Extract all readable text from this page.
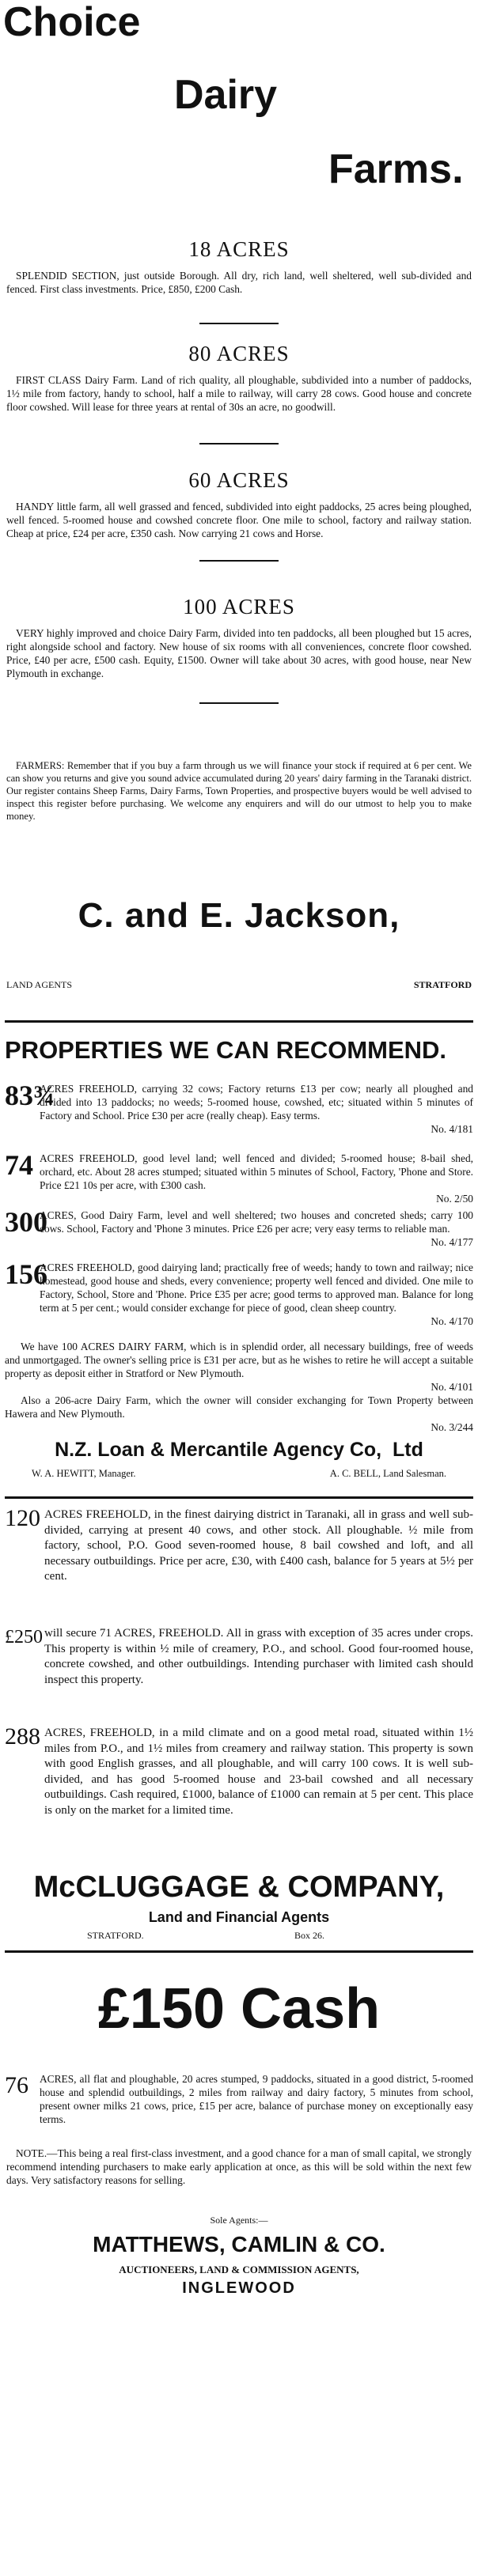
Choice
Dairy
Farms.
18 ACRES
SPLENDID SECTION, just outside Borough. All dry, rich land, well sheltered, well sub-divided and fenced. First class investments. Price, £850, £200 Cash.
80 ACRES
FIRST CLASS Dairy Farm. Land of rich quality, all ploughable, subdivided into a number of paddocks, 1½ mile from factory, handy to school, half a mile to railway, will carry 28 cows. Good house and concrete floor cowshed. Will lease for three years at rental of 30s an acre, no goodwill.
60 ACRES
HANDY little farm, all well grassed and fenced, subdivided into eight paddocks, 25 acres being ploughed, well fenced. 5-roomed house and cowshed concrete floor. One mile to school, factory and railway station. Cheap at price, £24 per acre, £350 cash. Now carrying 21 cows and Horse.
100 ACRES
VERY highly improved and choice Dairy Farm, divided into ten paddocks, all been ploughed but 15 acres, right alongside school and factory. New house of six rooms with all conveniences, concrete floor cowshed. Price, £40 per acre, £500 cash. Equity, £1500. Owner will take about 30 acres, with good house, near New Plymouth in exchange.
FARMERS: Remember that if you buy a farm through us we will finance your stock if required at 6 per cent. We can show you returns and give you sound advice accumulated during 20 years' dairy farming in the Taranaki district. Our register contains Sheep Farms, Dairy Farms, Town Properties, and prospective buyers would be well advised to inspect this register before purchasing. We welcome any enquirers and will do our utmost to help you to make money.
C. and E. Jackson,
LAND AGENTS	STRATFORD
PROPERTIES WE CAN RECOMMEND.
83¾
ACRES FREEHOLD, carrying 32 cows; Factory returns £13 per cow; nearly all ploughed and divided into 13 paddocks; no weeds; 5-roomed house, cowshed, etc; situated within 5 minutes of Factory and School. Price £30 per acre (really cheap). Easy terms.
No. 4/181
74 ACRES FREEHOLD, good level land; well fenced and divided; 5-roomed house; 8-bail shed, orchard, etc. About 28 acres stumped; situated within 5 minutes of School, Factory, 'Phone and Store. Price £21 10s per acre, with £300 cash.
No. 2/50
300
ACRES, Good Dairy Farm, level and well sheltered; two houses and concreted sheds; carry 100 cows. School, Factory and 'Phone 3 minutes. Price £26 per acre; very easy terms to reliable man.
No. 4/177
156
ACRES FREEHOLD, good dairying land; practically free of weeds; handy to town and railway; nice homestead, good house and sheds, every convenience; property well fenced and divided. One mile to Factory, School, Store and 'Phone. Price £35 per acre; good terms to approved man. Balance for long term at 5 per cent.; would consider exchange for piece of good, clean sheep country.
No. 4/170
We have 100 ACRES DAIRY FARM, which is in splendid order, all necessary buildings, free of weeds and unmortgaged. The owner's selling price is £31 per acre, but as he wishes to retire he will accept a suitable property as deposit either in Stratford or New Plymouth.
No. 4/101
Also a 206-acre Dairy Farm, which the owner will consider exchanging for Town Property between Hawera and New Plymouth.
No. 3/244
N.Z. Loan & Mercantile Agency Co,  Ltd
W. A. HEWITT, Manager.	A. C. BELL, Land Salesman.
120 ACRES FREEHOLD, in the finest dairying district in Taranaki, all in grass and well sub-divided, carrying at present 40 cows, and other stock. All ploughable. ½ mile from factory, school, P.O. Good seven-roomed house, 8 bail cowshed and loft, and all necessary outbuildings. Price per acre, £30, with £400 cash, balance for 5 years at 5½ per cent.
£250 will secure 71 ACRES, FREEHOLD. All in grass with exception of 35 acres under crops. This property is within ½ mile of creamery, P.O., and school. Good four-roomed house, concrete cowshed, and other outbuildings. Intending purchaser with limited cash should inspect this property.
288 ACRES, FREEHOLD, in a mild climate and on a good metal road, situated within 1½ miles from P.O., and 1½ miles from creamery and railway station. This property is sown with good English grasses, and all ploughable, and will carry 100 cows. It is well sub-divided, and has good 5-roomed house and 23-bail cowshed and all necessary outbuildings. Cash required, £1000, balance of £1000 can remain at 5 per cent. This place is only on the market for a limited time.
McCLUGGAGE & COMPANY,
Land and Financial Agents
STRATFORD.	Box 26.
£150 Cash
76	ACRES, all flat and ploughable, 20 acres stumped, 9 paddocks, situated in a good district, 5-roomed house and splendid outbuildings, 2 miles from railway and dairy factory, 5 minutes from school, present owner milks 21 cows, price, £15 per acre, balance of purchase money on exceptionally easy terms.
NOTE.—This being a real first-class investment, and a good chance for a man of small capital, we strongly recommend intending purchasers to make early application at once, as this will be sold within the next few days. Very satisfactory reasons for selling.
Sole Agents:—
MATTHEWS, CAMLIN & CO.
AUCTIONEERS, LAND & COMMISSION AGENTS,
INGLEWOOD
